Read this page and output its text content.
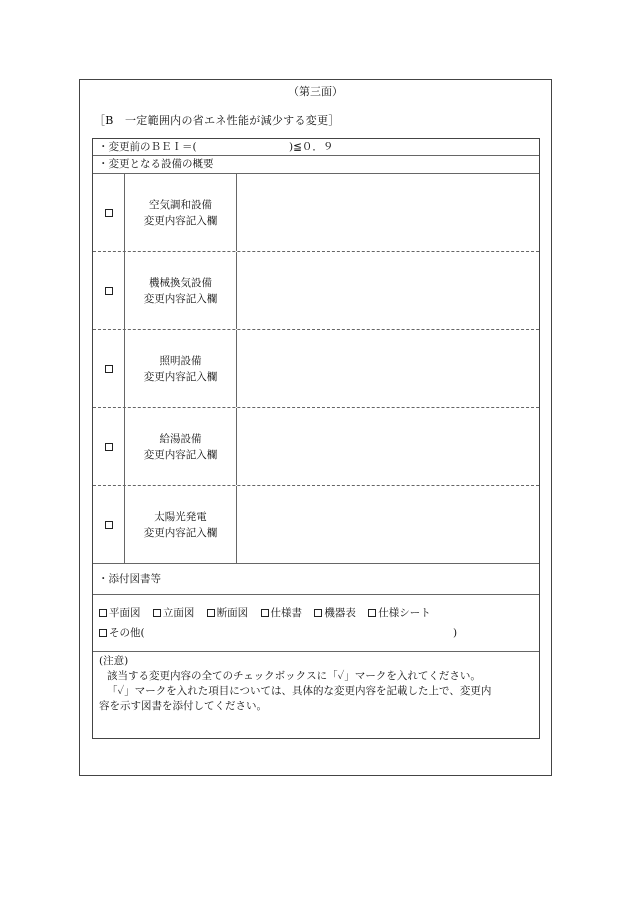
（第三面）
［B　一定範囲内の省エネ性能が減少する変更］
・変更前のＢＥＩ＝(	)≦０．９
・変更となる設備の概要
空気調和設備
変更内容記入欄
機械換気設備
変更内容記入欄
照明設備
変更内容記入欄
給湯設備
変更内容記入欄
太陽光発電
変更内容記入欄
・添付図書等
平面図
立面図
断面図
仕様書
機器表
仕様シート
その他(	)
(注意)
該当する変更内容の全てのチェックボックスに「✓」マークを入れてください。
「✓」マークを入れた項目については、具体的な変更内容を記載した上で、変更内
容を示す図書を添付してください。
